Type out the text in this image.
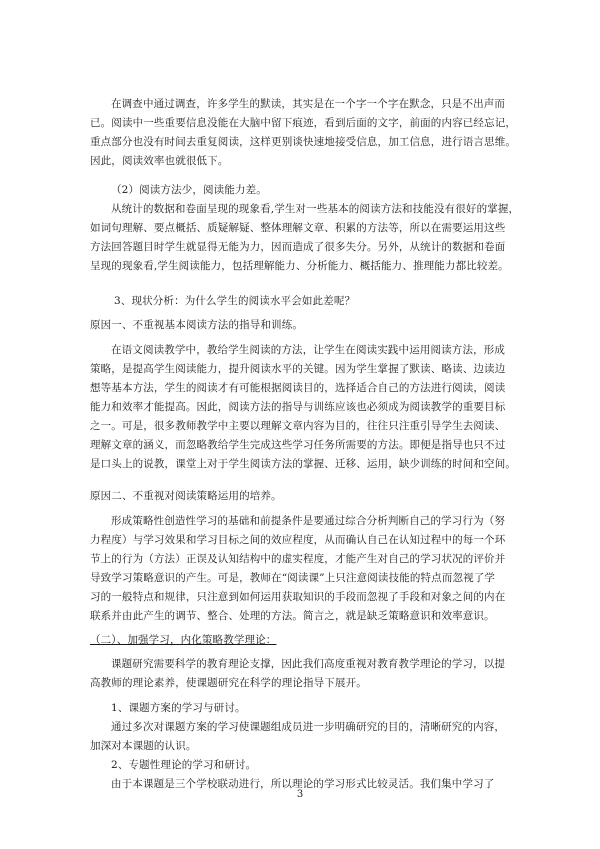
在调查中通过调查，许多学生的默读，其实是在一个字一个字在默念，只是不出声而
已。阅读中一些重要信息没能在大脑中留下痕迹，看到后面的文字，前面的内容已经忘记，
重点部分也没有时间去重复阅读，这样更别谈快速地接受信息，加工信息，进行语言思维。
因此，阅读效率也就很低下。
（2）阅读方法少，阅读能力差。
从统计的数据和卷面呈现的现象看,学生对一些基本的阅读方法和技能没有很好的掌握，
如词句理解、要点概括、质疑解疑、整体理解文章、积累的方法等，所以在需要运用这些
方法回答题目时学生就显得无能为力，因而造成了很多失分。另外，从统计的数据和卷面
呈现的现象看,学生阅读能力，包括理解能力、分析能力、概括能力、推理能力都比较差。
3、现状分析：为什么学生的阅读水平会如此差呢？
原因一、不重视基本阅读方法的指导和训练。
在语文阅读教学中，教给学生阅读的方法，让学生在阅读实践中运用阅读方法，形成
策略，是提高学生阅读能力，提升阅读水平的关键。因为学生掌握了默读、略读、边读边
想等基本方法，学生的阅读才有可能根据阅读目的，选择适合自己的方法进行阅读，阅读
能力和效率才能提高。因此，阅读方法的指导与训练应该也必须成为阅读教学的重要目标
之一。可是，很多教师教学中主要以理解文章内容为目的，往往只注重引导学生去阅读、
理解文章的涵义，而忽略教给学生完成这些学习任务所需要的方法。即便是指导也只不过
是口头上的说教，课堂上对于学生阅读方法的掌握、迁移、运用，缺少训练的时间和空间。
原因二、不重视对阅读策略运用的培养。
形成策略性创造性学习的基础和前提条件是要通过综合分析判断自己的学习行为（努
力程度）与学习效果和学习目标之间的效应程度，从而确认自己在认知过程中的每一个环
节上的行为（方法）正误及认知结构中的虚实程度，才能产生对自己的学习状况的评价并
导致学习策略意识的产生。可是，教师在“阅读课”上只注意阅读技能的特点而忽视了学
习的一般特点和规律，只注意到如何运用获取知识的手段而忽视了手段和对象之间的内在
联系并由此产生的调节、整合、处理的方法。简言之，就是缺乏策略意识和效率意识。
（二）、加强学习，内化策略教学理论：
课题研究需要科学的教育理论支撑，因此我们高度重视对教育教学理论的学习，以提
高教师的理论素养，使课题研究在科学的理论指导下展开。
1、课题方案的学习与研讨。
通过多次对课题方案的学习使课题组成员进一步明确研究的目的，清晰研究的内容，
加深对本课题的认识。
2、专题性理论的学习和研讨。
由于本课题是三个学校联动进行，所以理论的学习形式比较灵活。我们集中学习了
3
